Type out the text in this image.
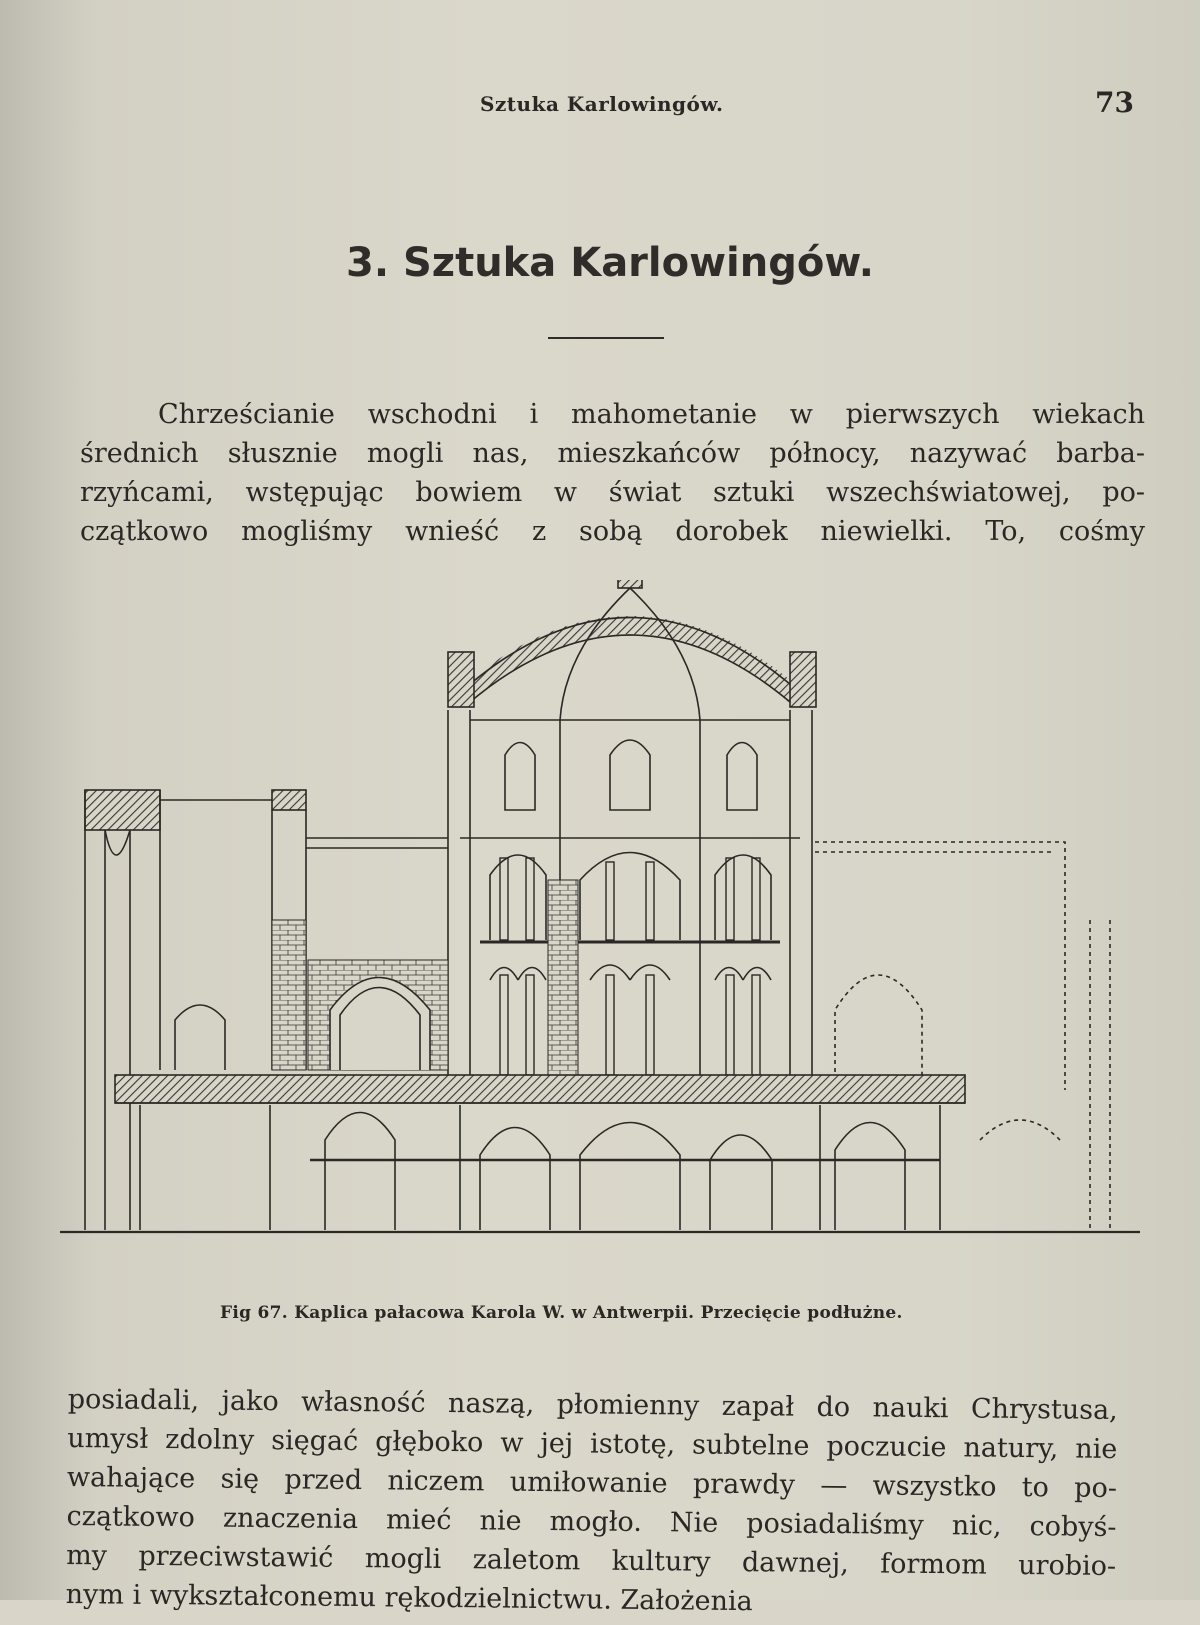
Sztuka Karlowingów.	73
3. Sztuka Karlowingów.
Chrześcianie wschodni i mahometanie w pierwszych wiekach
średnich słusznie mogli nas, mieszkańców północy, nazywać barba-
rzyńcami, wstępując bowiem w świat sztuki wszechświatowej, po-
czątkowo mogliśmy wnieść z sobą dorobek niewielki. To, cośmy
Fig 67. Kaplica pałacowa Karola W. w Antwerpii. Przecięcie podłużne.
posiadali, jako własność naszą, płomienny zapał do nauki Chrystusa,
umysł zdolny sięgać głęboko w jej istotę, subtelne poczucie natury, nie
wahające się przed niczem umiłowanie prawdy — wszystko to po-
czątkowo znaczenia mieć nie mogło. Nie posiadaliśmy nic, cobyś-
my przeciwstawić mogli zaletom kultury dawnej, formom urobio-
nym i wykształconemu rękodzielnictwu. Założenia
